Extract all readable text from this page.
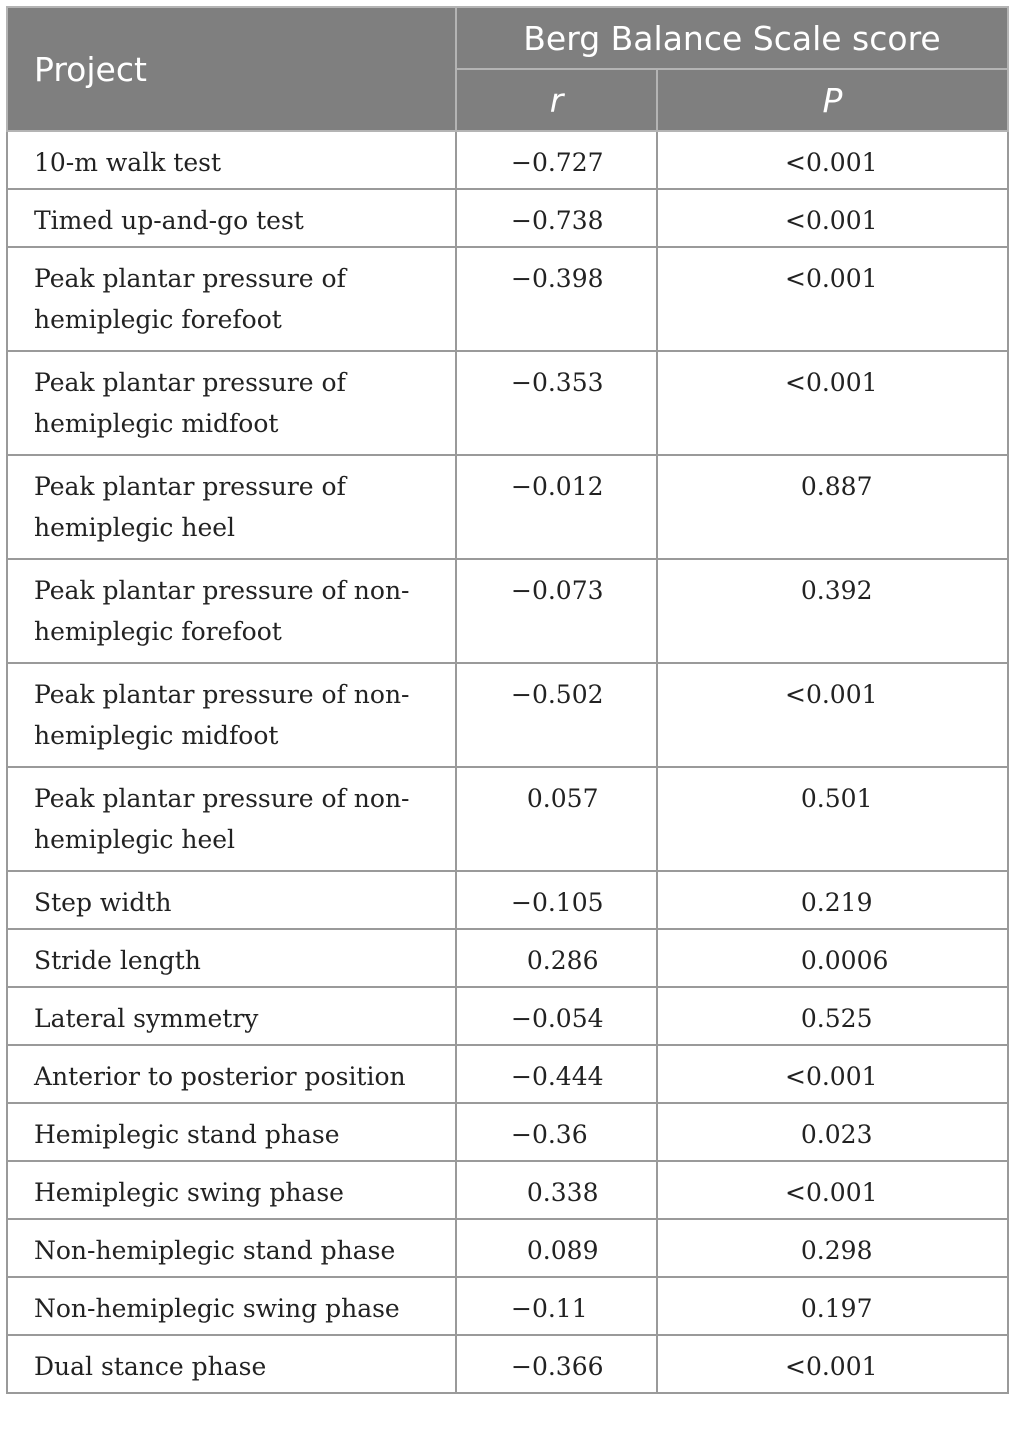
Project	Berg Balance Scale score	
	r	P
10-m walk test	−0.727	<0.001
Timed up-and-go test	−0.738	<0.001
Peak plantar pressure of hemiplegic forefoot	−0.398	<0.001
Peak plantar pressure of hemiplegic midfoot	−0.353	<0.001
Peak plantar pressure of hemiplegic heel	−0.012	 0.887
Peak plantar pressure of non-hemiplegic forefoot	−0.073	 0.392
Peak plantar pressure of non-hemiplegic midfoot	−0.502	<0.001
Peak plantar pressure of non-hemiplegic heel	 0.057	 0.501
Step width	−0.105	 0.219
Stride length	 0.286	 0.0006
Lateral symmetry	−0.054	 0.525
Anterior to posterior position	−0.444	<0.001
Hemiplegic stand phase	−0.36	 0.023
Hemiplegic swing phase	 0.338	<0.001
Non-hemiplegic stand phase	 0.089	 0.298
Non-hemiplegic swing phase	−0.11	 0.197
Dual stance phase	−0.366	<0.001
